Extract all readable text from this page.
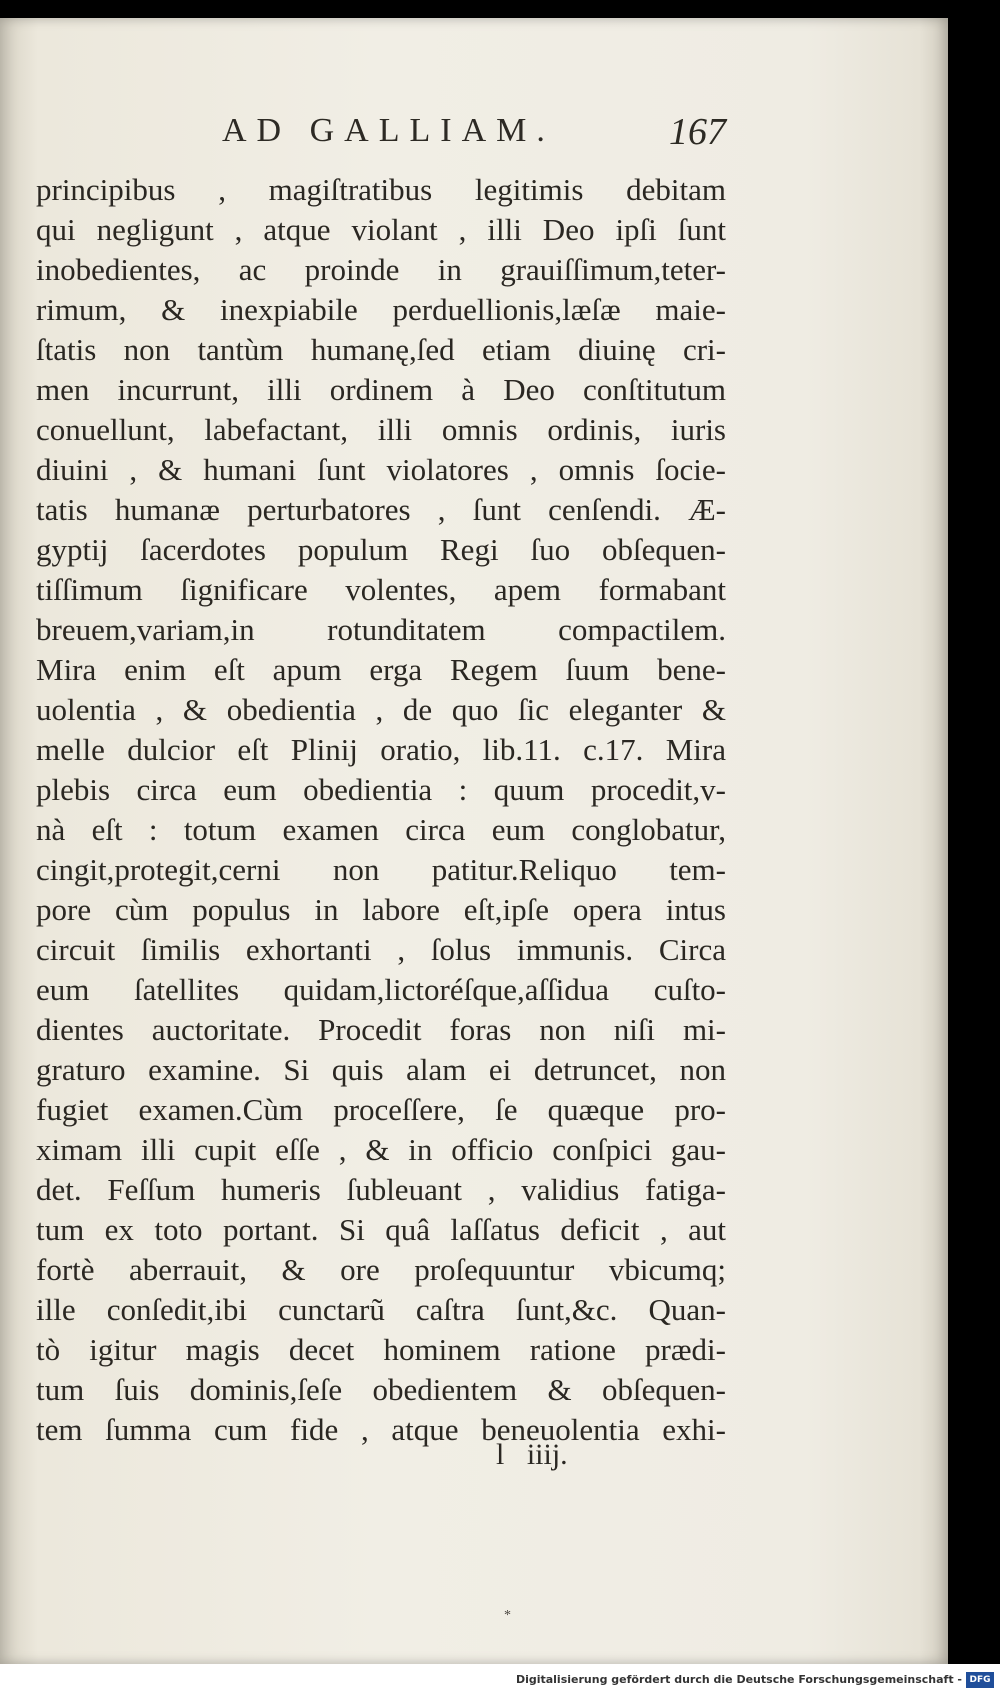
AD GALLIAM.	167
principibus , magiſtratibus legitimis debitam
qui negligunt , atque violant , illi Deo ipſi ſunt
inobedientes, ac proinde in grauiſſimum,teter-
rimum, & inexpiabile perduellionis,læſæ maie-
ſtatis non tantùm humanę,ſed etiam diuinę cri-
men incurrunt, illi ordinem à Deo conſtitutum
conuellunt, labefactant, illi omnis ordinis, iuris
diuini , & humani ſunt violatores , omnis ſocie-
tatis humanæ perturbatores , ſunt cenſendi. Æ-
gyptij ſacerdotes populum Regi ſuo obſequen-
tiſſimum ſignificare volentes, apem formabant
breuem,variam,in rotunditatem compactilem.
Mira enim eſt apum erga Regem ſuum bene-
uolentia , & obedientia , de quo ſic eleganter &
melle dulcior eſt Plinij oratio, lib.11. c.17. Mira
plebis circa eum obedientia : quum procedit,v-
nà eſt : totum examen circa eum conglobatur,
cingit,protegit,cerni non patitur.Reliquo tem-
pore cùm populus in labore eſt,ipſe opera intus
circuit ſimilis exhortanti , ſolus immunis. Circa
eum ſatellites quidam,lictoréſque,aſſidua cuſto-
dientes auctoritate. Procedit foras non niſi mi-
graturo examine. Si quis alam ei detruncet, non
fugiet examen.Cùm proceſſere, ſe quæque pro-
ximam illi cupit eſſe , & in officio conſpici gau-
det. Feſſum humeris ſubleuant , validius fatiga-
tum ex toto portant. Si quâ laſſatus deficit , aut
fortè aberrauit, & ore proſequuntur vbicumq;
ille conſedit,ibi cunctarũ caſtra ſunt,&c. Quan-
tò igitur magis decet hominem ratione prædi-
tum ſuis dominis,ſeſe obedientem & obſequen-
tem ſumma cum fide , atque beneuolentia exhi-
l   iiij.
*
Digitalisierung gefördert durch die Deutsche Forschungsgemeinschaft - DFG
